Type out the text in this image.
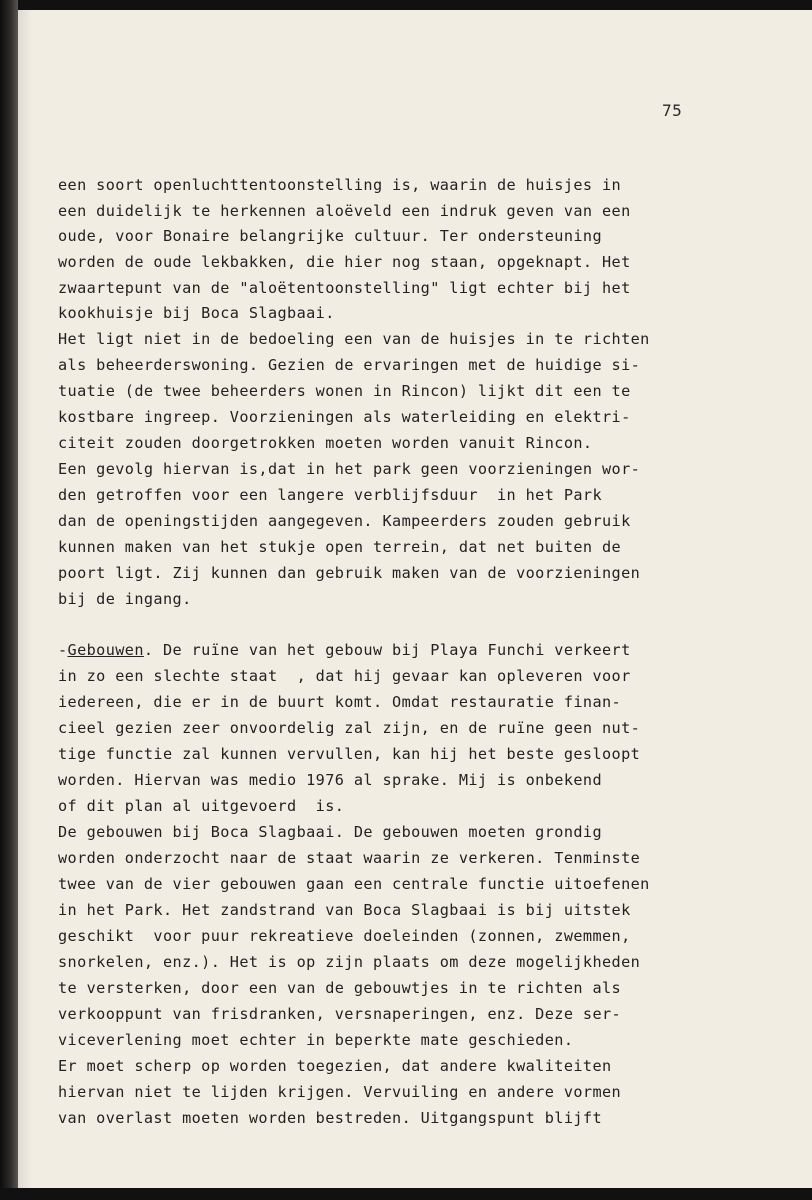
75
een soort openluchttentoonstelling is, waarin de huisjes in
een duidelijk te herkennen aloëveld een indruk geven van een
oude, voor Bonaire belangrijke cultuur. Ter ondersteuning
worden de oude lekbakken, die hier nog staan, opgeknapt. Het
zwaartepunt van de "aloëtentoonstelling" ligt echter bij het
kookhuisje bij Boca Slagbaai.
Het ligt niet in de bedoeling een van de huisjes in te richten
als beheerderswoning. Gezien de ervaringen met de huidige si-
tuatie (de twee beheerders wonen in Rincon) lijkt dit een te
kostbare ingreep. Voorzieningen als waterleiding en elektri-
citeit zouden doorgetrokken moeten worden vanuit Rincon.
Een gevolg hiervan is,dat in het park geen voorzieningen wor-
den getroffen voor een langere verblijfsduur  in het Park
dan de openingstijden aangegeven. Kampeerders zouden gebruik
kunnen maken van het stukje open terrein, dat net buiten de
poort ligt. Zij kunnen dan gebruik maken van de voorzieningen
bij de ingang.
-Gebouwen. De ruïne van het gebouw bij Playa Funchi verkeert
in zo een slechte staat  , dat hij gevaar kan opleveren voor
iedereen, die er in de buurt komt. Omdat restauratie finan-
cieel gezien zeer onvoordelig zal zijn, en de ruïne geen nut-
tige functie zal kunnen vervullen, kan hij het beste gesloopt
worden. Hiervan was medio 1976 al sprake. Mij is onbekend
of dit plan al uitgevoerd  is.
De gebouwen bij Boca Slagbaai. De gebouwen moeten grondig
worden onderzocht naar de staat waarin ze verkeren. Tenminste
twee van de vier gebouwen gaan een centrale functie uitoefenen
in het Park. Het zandstrand van Boca Slagbaai is bij uitstek
geschikt  voor puur rekreatieve doeleinden (zonnen, zwemmen,
snorkelen, enz.). Het is op zijn plaats om deze mogelijkheden
te versterken, door een van de gebouwtjes in te richten als
verkooppunt van frisdranken, versnaperingen, enz. Deze ser-
viceverlening moet echter in beperkte mate geschieden.
Er moet scherp op worden toegezien, dat andere kwaliteiten
hiervan niet te lijden krijgen. Vervuiling en andere vormen
van overlast moeten worden bestreden. Uitgangspunt blijft
